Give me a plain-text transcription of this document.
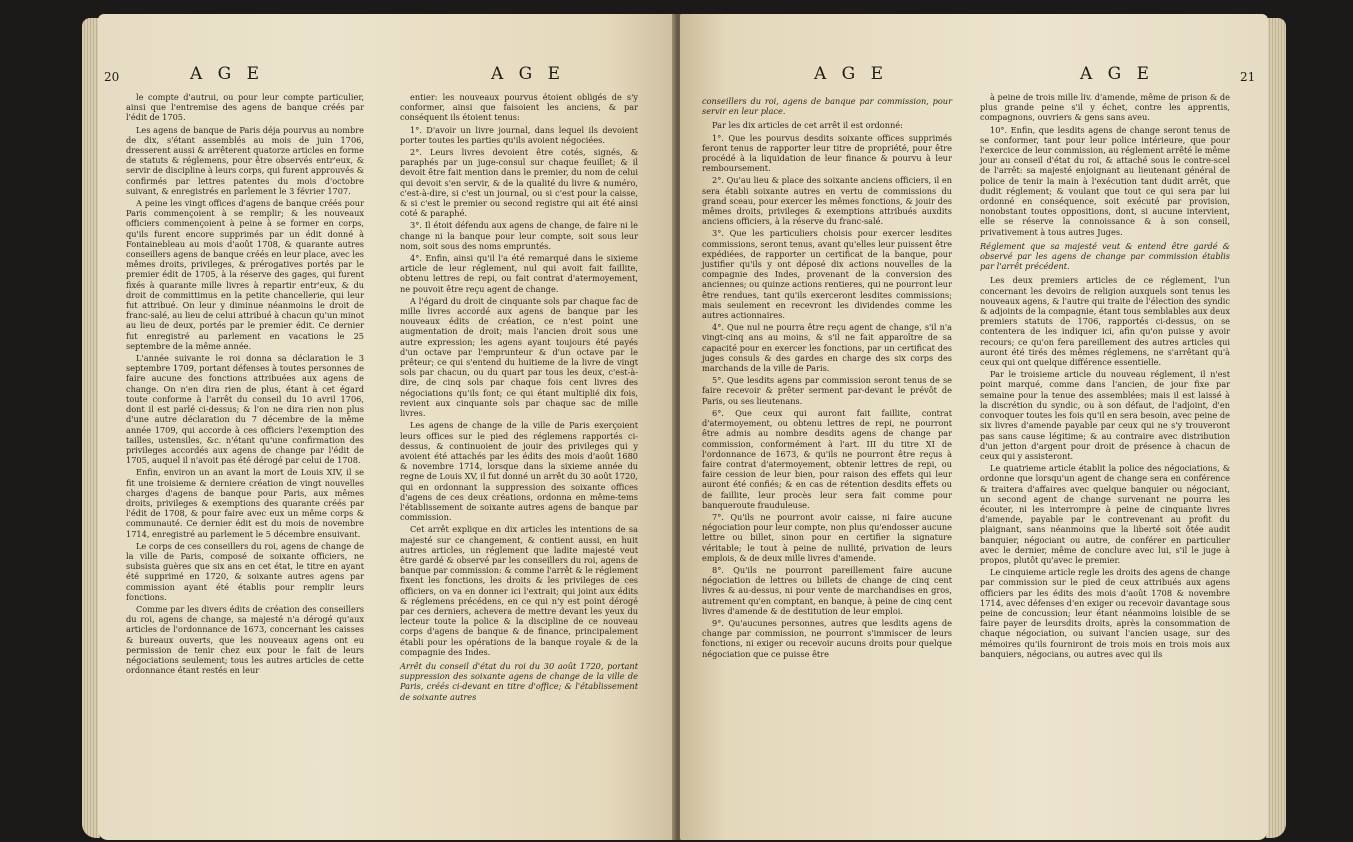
20	A G E	A G E

le compte d'autrui, ou pour leur compte particulier, ainsi que l'entremise des agens de banque créés par l'édit de 1705.

Les agens de banque de Paris déja pourvus au nombre de dix, s'étant assemblés au mois de juin 1706, dresserent aussi & arrêterent quatorze articles en forme de statuts & réglemens, pour être observés entr'eux, & servir de discipline à leurs corps, qui furent approuvés & confirmés par lettres patentes du mois d'octobre suivant, & enregistrés en parlement le 3 février 1707.

A peine les vingt offices d'agens de banque créés pour Paris commençoient à se remplir; & les nouveaux officiers commençoient à peine à se former en corps, qu'ils furent encore supprimés par un édit donné à Fontainebleau au mois d'août 1708, & quarante autres conseillers agens de banque créés en leur place, avec les mêmes droits, privileges, & prérogatives portés par le premier édit de 1705, à la réserve des gages, qui furent fixés à quarante mille livres à repartir entr'eux, & du droit de committimus en la petite chancellerie, qui leur fut attribué. On leur y diminue néanmoins le droit de franc-salé, au lieu de celui attribué à chacun qu'un minot au lieu de deux, portés par le premier édit. Ce dernier fut enregistré au parlement en vacations le 25 septembre de la même année.

L'année suivante le roi donna sa déclaration le 3 septembre 1709, portant défenses à toutes personnes de faire aucune des fonctions attribuées aux agens de change. On n'en dira rien de plus, étant à cet égard toute conforme à l'arrêt du conseil du 10 avril 1706, dont il est parlé ci-dessus; & l'on ne dira rien non plus d'une autre déclaration du 7 décembre de la même année 1709, qui accorde à ces officiers l'exemption des tailles, ustensiles, &c. n'étant qu'une confirmation des privileges accordés aux agens de change par l'édit de 1705, auquel il n'avoit pas été dérogé par celui de 1708.

Enfin, environ un an avant la mort de Louis XIV, il se fit une troisieme & derniere création de vingt nouvelles charges d'agens de banque pour Paris, aux mêmes droits, privileges & exemptions des quarante créés par l'édit de 1708, & pour faire avec eux un même corps & communauté. Ce dernier édit est du mois de novembre 1714, enregistré au parlement le 5 décembre ensuivant.

Le corps de ces conseillers du roi, agens de change de la ville de Paris, composé de soixante officiers, ne subsista guères que six ans en cet état, le titre en ayant été supprimé en 1720, & soixante autres agens par commission ayant été établis pour remplir leurs fonctions.

Comme par les divers édits de création des conseillers du roi, agens de change, sa majesté n'a dérogé qu'aux articles de l'ordonnance de 1673, concernant les caisses & bureaux ouverts, que les nouveaux agens ont eu permission de tenir chez eux pour le fait de leurs négociations seulement; tous les autres articles de cette ordonnance étant restés en leur

entier: les nouveaux pourvus étoient obligés de s'y conformer, ainsi que faisoient les anciens, & par conséquent ils étoient tenus:

1°. D'avoir un livre journal, dans lequel ils devoient porter toutes les parties qu'ils avoient négociées.

2°. Leurs livres devoient être cotés, signés, & paraphés par un juge-consul sur chaque feuillet; & il devoit être fait mention dans le premier, du nom de celui qui devoit s'en servir, & de la qualité du livre & numéro, c'est-à-dire, si c'est un journal, ou si c'est pour la caisse, & si c'est le premier ou second registre qui ait été ainsi coté & paraphé.

3°. Il étoit défendu aux agens de change, de faire ni le change ni la banque pour leur compte, soit sous leur nom, soit sous des noms empruntés.

4°. Enfin, ainsi qu'il l'a été remarqué dans le sixieme article de leur réglement, nul qui avoit fait faillite, obtenu lettres de repi, ou fait contrat d'atermoyement, ne pouvoit être reçu agent de change.

A l'égard du droit de cinquante sols par chaque fac de mille livres accordé aux agens de banque par les nouveaux édits de création, ce n'est point une augmentation de droit; mais l'ancien droit sous une autre expression; les agens ayant toujours été payés d'un octave par l'emprunteur & d'un octave par le prêteur; ce qui s'entend du huitieme de la livre de vingt sols par chacun, ou du quart par tous les deux, c'est-à-dire, de cinq sols par chaque fois cent livres des négociations qu'ils font; ce qui étant multiplié dix fois, revient aux cinquante sols par chaque sac de mille livres.

Les agens de change de la ville de Paris exerçoient leurs offices sur le pied des réglemens rapportés ci-dessus, & continuoient de jouir des privileges qui y avoient été attachés par les édits des mois d'août 1680 & novembre 1714, lorsque dans la sixieme année du regne de Louis XV, il fut donné un arrêt du 30 août 1720, qui en ordonnant la suppression des soixante offices d'agens de ces deux créations, ordonna en même-tems l'établissement de soixante autres agens de banque par commission.

Cet arrêt explique en dix articles les intentions de sa majesté sur ce changement, & contient aussi, en huit autres articles, un réglement que ladite majesté veut être gardé & observé par les conseillers du roi, agens de banque par commission: & comme l'arrêt & le réglement fixent les fonctions, les droits & les privileges de ces officiers, on va en donner ici l'extrait; qui joint aux édits & réglemens précédens, en ce qui n'y est point dérogé par ces derniers, achevera de mettre devant les yeux du lecteur toute la police & la discipline de ce nouveau corps d'agens de banque & de finance, principalement établi pour les opérations de la banque royale & de la compagnie des Indes.

Arrêt du conseil d'état du roi du 30 août 1720, portant suppression des soixante agens de change de la ville de Paris, créés ci-devant en titre d'office; & l'établissement de soixante autres

A G E	A G E	21

conseillers du roi, agens de banque par commission, pour servir en leur place.

Par les dix articles de cet arrêt il est ordonné:

1°. Que les pourvus desdits soixante offices supprimés feront tenus de rapporter leur titre de propriété, pour être procédé à la liquidation de leur finance & pourvu à leur remboursement.

2°. Qu'au lieu & place des soixante anciens officiers, il en sera établi soixante autres en vertu de commissions du grand sceau, pour exercer les mêmes fonctions, & jouir des mêmes droits, privileges & exemptions attribués auxdits anciens officiers, à la réserve du franc-salé.

3°. Que les particuliers choisis pour exercer lesdites commissions, seront tenus, avant qu'elles leur puissent être expédiées, de rapporter un certificat de la banque, pour justifier qu'ils y ont déposé dix actions nouvelles de la compagnie des Indes, provenant de la conversion des anciennes; ou quinze actions rentieres, qui ne pourront leur être rendues, tant qu'ils exerceront lesdites commissions; mais seulement en recevront les dividendes comme les autres actionnaires.

4°. Que nul ne pourra être reçu agent de change, s'il n'a vingt-cinq ans au moins, & s'il ne fait apparoître de sa capacité pour en exercer les fonctions, par un certificat des juges consuls & des gardes en charge des six corps des marchands de la ville de Paris.

5°. Que lesdits agens par commission seront tenus de se faire recevoir & prêter serment par-devant le prévôt de Paris, ou ses lieutenans.

6°. Que ceux qui auront fait faillite, contrat d'atermoyement, ou obtenu lettres de repi, ne pourront être admis au nombre desdits agens de change par commission, conformément à l'art. III du titre XI de l'ordonnance de 1673, & qu'ils ne pourront être reçus à faire contrat d'atermoyement, obtenir lettres de repi, ou faire cession de leur bien, pour raison des effets qui leur auront été confiés; & en cas de rétention desdits effets ou de faillite, leur procès leur sera fait comme pour banqueroute frauduleuse.

7°. Qu'ils ne pourront avoir caisse, ni faire aucune négociation pour leur compte, non plus qu'endosser aucune lettre ou billet, sinon pour en certifier la signature véritable; le tout à peine de nullité, privation de leurs emplois, & de deux mille livres d'amende.

8°. Qu'ils ne pourront pareillement faire aucune négociation de lettres ou billets de change de cinq cent livres & au-dessus, ni pour vente de marchandises en gros, autrement qu'en comptant, en banque, à peine de cinq cent livres d'amende & de destitution de leur emploi.

9°. Qu'aucunes personnes, autres que lesdits agens de change par commission, ne pourront s'immiscer de leurs fonctions, ni exiger ou recevoir aucuns droits pour quelque négociation que ce puisse être

à peine de trois mille liv. d'amende, même de prison & de plus grande peine s'il y échet, contre les apprentis, compagnons, ouvriers & gens sans aveu.

10°. Enfin, que lesdits agens de change seront tenus de se conformer, tant pour leur police intérieure, que pour l'exercice de leur commission, au réglement arrêté le même jour au conseil d'état du roi, & attaché sous le contre-scel de l'arrêt: sa majesté enjoignant au lieutenant général de police de tenir la main à l'exécution tant dudit arrêt, que dudit réglement; & voulant que tout ce qui sera par lui ordonné en conséquence, soit exécuté par provision, nonobstant toutes oppositions, dont, si aucune intervient, elle se réserve la connoissance & à son conseil, privativement à tous autres Juges.

Réglement que sa majesté veut & entend être gardé & observé par les agens de change par commission établis par l'arrêt précédent.

Les deux premiers articles de ce réglement, l'un concernant les devoirs de religion auxquels sont tenus les nouveaux agens, & l'autre qui traite de l'élection des syndic & adjoints de la compagnie, étant tous semblables aux deux premiers statuts de 1706, rapportés ci-dessus, on se contentera de les indiquer ici, afin qu'on puisse y avoir recours; ce qu'on fera pareillement des autres articles qui auront été tirés des mêmes réglemens, ne s'arrêtant qu'à ceux qui ont quelque différence essentielle.

Par le troisieme article du nouveau réglement, il n'est point marqué, comme dans l'ancien, de jour fixe par semaine pour la tenue des assemblées; mais il est laissé à la discrétion du syndic, ou à son défaut, de l'adjoint, d'en convoquer toutes les fois qu'il en sera besoin, avec peine de six livres d'amende payable par ceux qui ne s'y trouveront pas sans cause légitime; & au contraire avec distribution d'un jetton d'argent pour droit de présence à chacun de ceux qui y assisteront.

Le quatrieme article établit la police des négociations, & ordonne que lorsqu'un agent de change sera en conférence & traitera d'affaires avec quelque banquier ou négociant, un second agent de change survenant ne pourra les écouter, ni les interrompre à peine de cinquante livres d'amende, payable par le contrevenant au profit du plaignant, sans néanmoins que la liberté soit ôtée audit banquier, négociant ou autre, de conférer en particulier avec le dernier, même de conclure avec lui, s'il le juge à propos, plutôt qu'avec le premier.

Le cinquieme article regle les droits des agens de change par commission sur le pied de ceux attribués aux agens officiers par les édits des mois d'août 1708 & novembre 1714, avec défenses d'en exiger ou recevoir davantage sous peine de concussion; leur étant néanmoins loisible de se faire payer de leursdits droits, après la consommation de chaque négociation, ou suivant l'ancien usage, sur des mémoires qu'ils fourniront de trois mois en trois mois aux banquiers, négocians, ou autres avec qui ils
